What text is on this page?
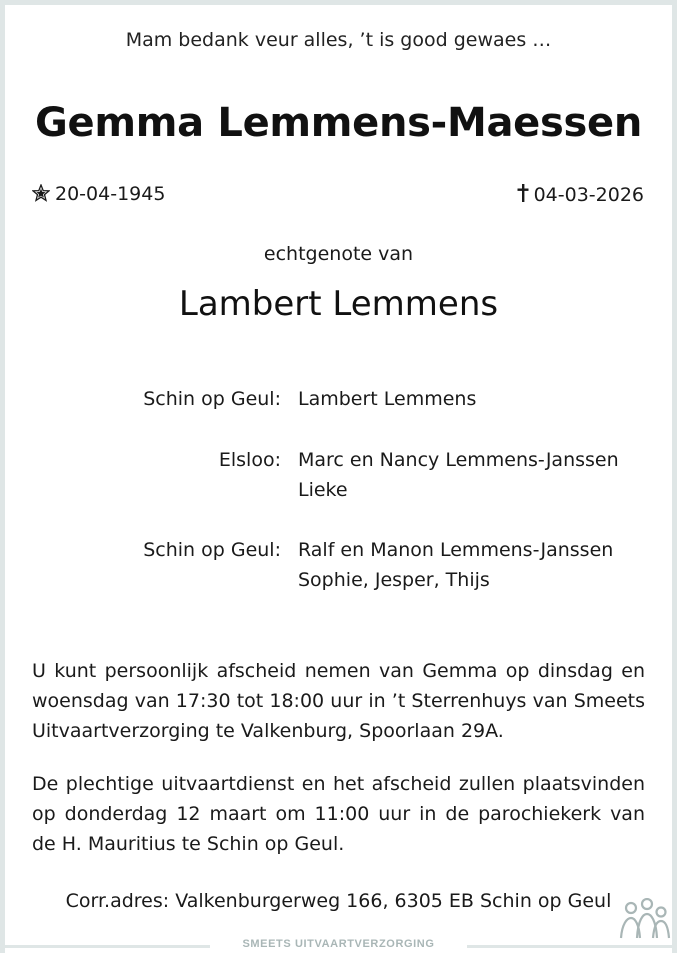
Mam bedank veur alles, ’t is good gewaes …
Gemma Lemmens-Maessen
20-04-1945	04-03-2026
echtgenote van
Lambert Lemmens
Schin op Geul: Lambert Lemmens
Elsloo: Marc en Nancy Lemmens-Janssen
Lieke
Schin op Geul: Ralf en Manon Lemmens-Janssen
Sophie, Jesper, Thijs
U kunt persoonlijk afscheid nemen van Gemma op dinsdag en woensdag van 17:30 tot 18:00 uur in ’t Sterrenhuys van Smeets Uitvaartverzorging te Valkenburg, Spoorlaan 29A.
De plechtige uitvaartdienst en het afscheid zullen plaatsvinden op donderdag 12 maart om 11:00 uur in de parochiekerk van de H. Mauritius te Schin op Geul.
Corr.adres: Valkenburgerweg 166, 6305 EB Schin op Geul
SMEETS UITVAARTVERZORGING
